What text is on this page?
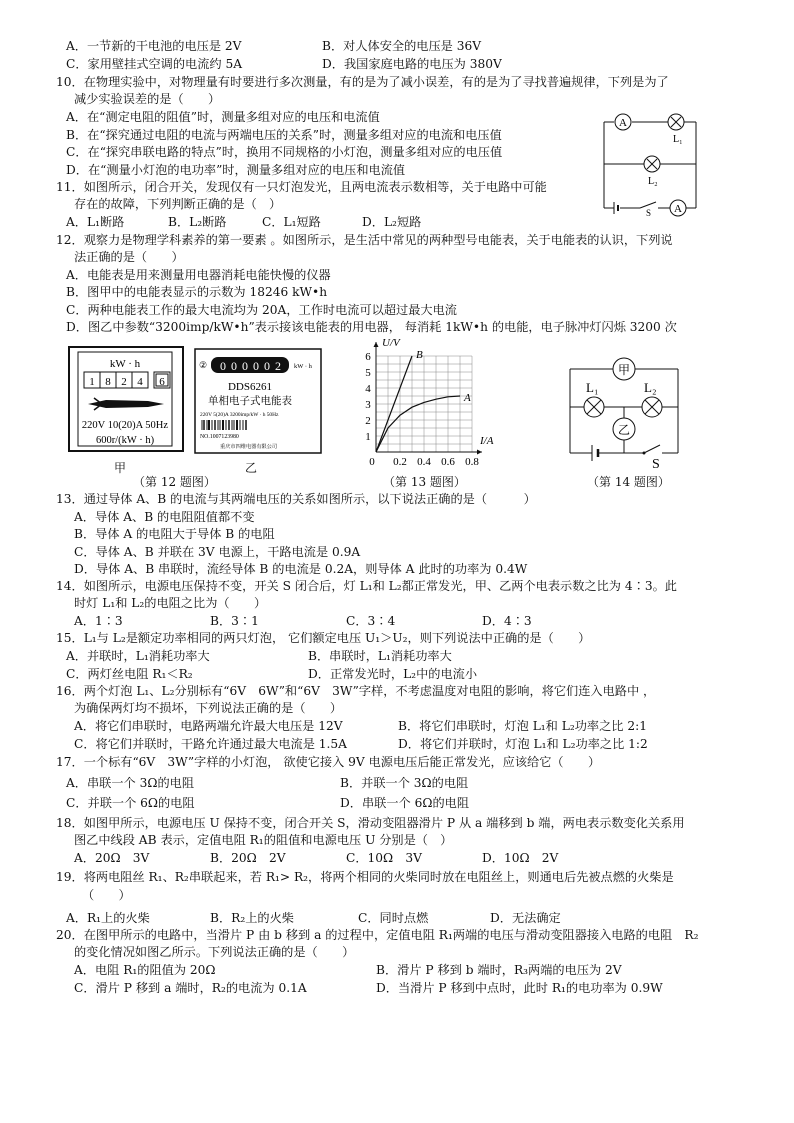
A．一节新的干电池的电压是 2V	B．对人体安全的电压是 36V
C．家用壁挂式空调的电流约 5A	D．我国家庭电路的电压为 380V
10．在物理实验中，对物理量有时要进行多次测量，有的是为了减小误差，有的是为了寻找普遍规律，下列是为了
减少实验误差的是（　　）
A．在“测定电阻的阻值”时，测量多组对应的电压和电流值
B．在“探究通过电阻的电流与两端电压的关系”时，测量多组对应的电流和电压值
C．在“探究串联电路的特点”时，换用不同规格的小灯泡，测量多组对应的电压值
D．在“测量小灯泡的电功率”时，测量多组对应的电压和电流值
11．如图所示，闭合开关，发现仅有一只灯泡发光，且两电流表示数相等，关于电路中可能
存在的故障，下列判断正确的是（　）
A．L₁断路	B．L₂断路	C．L₁短路	D．L₂短路
12．观察力是物理学科素养的第一要素 。如图所示，是生活中常见的两种型号电能表，关于电能表的认识，下列说
法正确的是（　　）
A．电能表是用来测量用电器消耗电能快慢的仪器
B．图甲中的电能表显示的示数为 18246 kW•h
C．两种电能表工作的最大电流均为 20A，工作时电流可以超过最大电流
D．图乙中参数“3200imp/kW•h”表示接该电能表的用电器， 每消耗 1kW•h 的电能，电子脉冲灯闪烁 3200 次
A
A
L₁
L₂
S
kW · h
1 8 2 4 6
220V 10(20)A 50Hz
600r/(kW · h)
甲
② 0 0 0 0 0 2 kW · h
DDS6261
单相电子式电能表
220V 5(20)A 3200imp/kW · h 50Hz
NO.1007123980
重庆市四维电器有限公司
乙
（第 12 题图）
U/V
I/A
0 0.2 0.4 0.6 0.8
1
2
3
4
5
6	B
A
（第 13 题图）
甲
乙
L₁	L₂
S
（第 14 题图）
13．通过导体 A、B 的电流与其两端电压的关系如图所示，以下说法正确的是（　　　）
A．导体 A、B 的电阻阻值都不变
B．导体 A 的电阻大于导体 B 的电阻
C．导体 A、B 并联在 3V 电源上，干路电流是 0.9A
D．导体 A、B 串联时，流经导体 B 的电流是 0.2A，则导体 A 此时的功率为 0.4W
14．如图所示，电源电压保持不变，开关 S 闭合后，灯 L₁和 L₂都正常发光，甲、乙两个电表示数之比为 4∶3。此
时灯 L₁和 L₂的电阻之比为（　　）
A．1∶3	B．3∶1	C．3∶4	D．4∶3
15．L₁与 L₂是额定功率相同的两只灯泡， 它们额定电压 U₁＞U₂，则下列说法中正确的是（　　）
A．并联时，L₁消耗功率大	B．串联时，L₁消耗功率大
C．两灯丝电阻 R₁＜R₂	D．正常发光时，L₂中的电流小
16．两个灯泡 L₁、L₂分别标有“6V　6W”和“6V　3W”字样，不考虑温度对电阻的影响，将它们连入电路中 ，
为确保两灯均不损坏，下列说法正确的是（　　）
A．将它们串联时，电路两端允许最大电压是 12V	B．将它们串联时，灯泡 L₁和 L₂功率之比 2:1
C．将它们并联时，干路允许通过最大电流是 1.5A	D．将它们并联时，灯泡 L₁和 L₂功率之比 1:2
17．一个标有“6V　3W”字样的小灯泡， 欲使它接入 9V 电源电压后能正常发光，应该给它（　　）
A．串联一个 3Ω的电阻	B．并联一个 3Ω的电阻
C．并联一个 6Ω的电阻	D．串联一个 6Ω的电阻
18．如图甲所示，电源电压 U 保持不变，闭合开关 S，滑动变阻器滑片 P 从 a 端移到 b 端，两电表示数变化关系用
图乙中线段 AB 表示，定值电阻 R₁的阻值和电源电压 U 分别是（　）
A．20Ω　3V	B．20Ω　2V	C．10Ω　3V	D．10Ω　2V
19．将两电阻丝 R₁、R₂串联起来，若 R₁> R₂，将两个相同的火柴同时放在电阻丝上，则通电后先被点燃的火柴是
（　　）
A．R₁上的火柴	B．R₂上的火柴	C．同时点燃	D．无法确定
20．在图甲所示的电路中，当滑片 P 由 b 移到 a 的过程中，定值电阻 R₁两端的电压与滑动变阻器接入电路的电阻　R₂
的变化情况如图乙所示。下列说法正确的是（　　）
A．电阻 R₁的阻值为 20Ω	B．滑片 P 移到 b 端时，R₃两端的电压为 2V
C．滑片 P 移到 a 端时，R₂的电流为 0.1A	D．当滑片 P 移到中点时，此时 R₁的电功率为 0.9W
